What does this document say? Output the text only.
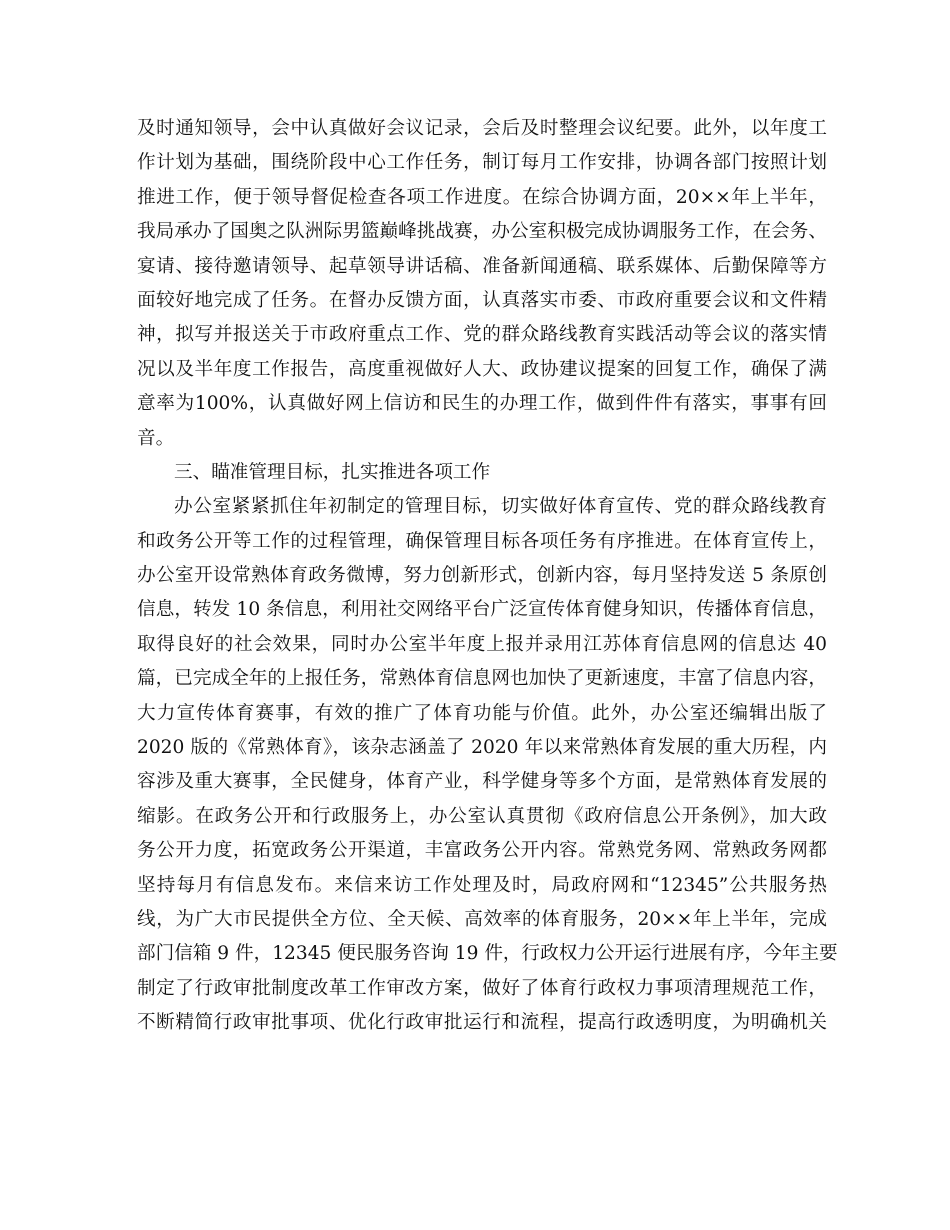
及时通知领导，会中认真做好会议记录，会后及时整理会议纪要。此外，以年度工
作计划为基础，围绕阶段中心工作任务，制订每月工作安排，协调各部门按照计划
推进工作，便于领导督促检查各项工作进度。在综合协调方面，20××年上半年，
我局承办了国奥之队洲际男篮巅峰挑战赛，办公室积极完成协调服务工作，在会务、
宴请、接待邀请领导、起草领导讲话稿、准备新闻通稿、联系媒体、后勤保障等方
面较好地完成了任务。在督办反馈方面，认真落实市委、市政府重要会议和文件精
神，拟写并报送关于市政府重点工作、党的群众路线教育实践活动等会议的落实情
况以及半年度工作报告，高度重视做好人大、政协建议提案的回复工作，确保了满
意率为100%，认真做好网上信访和民生的办理工作，做到件件有落实，事事有回
音。
三、瞄准管理目标，扎实推进各项工作
办公室紧紧抓住年初制定的管理目标，切实做好体育宣传、党的群众路线教育
和政务公开等工作的过程管理，确保管理目标各项任务有序推进。在体育宣传上，
办公室开设常熟体育政务微博，努力创新形式，创新内容，每月坚持发送 5 条原创
信息，转发 10 条信息，利用社交网络平台广泛宣传体育健身知识，传播体育信息，
取得良好的社会效果，同时办公室半年度上报并录用江苏体育信息网的信息达 40
篇，已完成全年的上报任务，常熟体育信息网也加快了更新速度，丰富了信息内容，
大力宣传体育赛事，有效的推广了体育功能与价值。此外，办公室还编辑出版了
2020 版的《常熟体育》，该杂志涵盖了 2020 年以来常熟体育发展的重大历程，内
容涉及重大赛事，全民健身，体育产业，科学健身等多个方面，是常熟体育发展的
缩影。在政务公开和行政服务上，办公室认真贯彻《政府信息公开条例》，加大政
务公开力度，拓宽政务公开渠道，丰富政务公开内容。常熟党务网、常熟政务网都
坚持每月有信息发布。来信来访工作处理及时，局政府网和“12345”公共服务热
线，为广大市民提供全方位、全天候、高效率的体育服务，20××年上半年，完成
部门信箱 9 件，12345 便民服务咨询 19 件，行政权力公开运行进展有序，今年主要
制定了行政审批制度改革工作审改方案，做好了体育行政权力事项清理规范工作，
不断精简行政审批事项、优化行政审批运行和流程，提高行政透明度，为明确机关
